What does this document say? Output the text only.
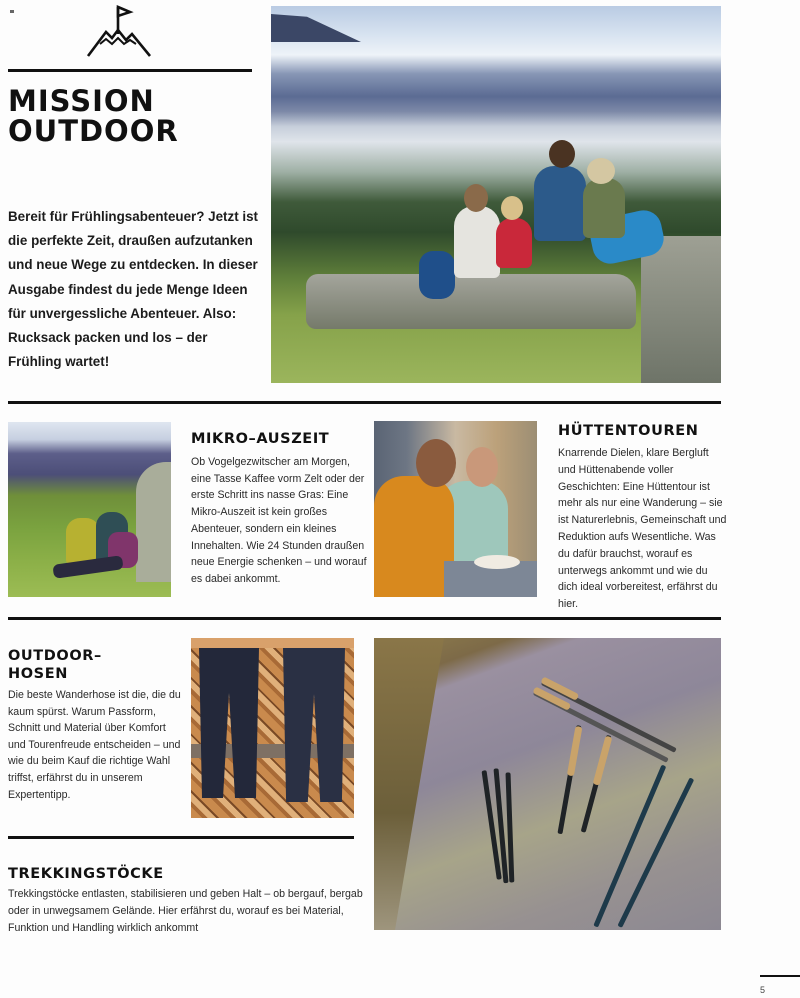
MISSION
OUTDOOR

Bereit für Frühlingsabenteuer? Jetzt ist die perfekte Zeit, draußen aufzutanken und neue Wege zu entdecken. In dieser Ausgabe findest du jede Menge Ideen für unvergessliche Abenteuer. Also: Rucksack packen und los – der Frühling wartet!

MIKRO–AUSZEIT

Ob Vogelgezwitscher am Morgen, eine Tasse Kaffee vorm Zelt oder der erste Schritt ins nasse Gras: Eine Mikro-Auszeit ist kein großes Abenteuer, sondern ein kleines Innehalten. Wie 24 Stunden draußen neue Energie schenken – und worauf es dabei ankommt.

HÜTTENTOUREN

Knarrende Dielen, klare Bergluft und Hüttenabende voller Geschichten: Eine Hüttentour ist mehr als nur eine Wanderung – sie ist Naturerlebnis, Gemeinschaft und Reduktion aufs Wesentliche. Was du dafür brauchst, worauf es unterwegs ankommt und wie du dich ideal vorbereitest, erfährst du hier.

OUTDOOR–
HOSEN

Die beste Wanderhose ist die, die du kaum spürst. Warum Passform, Schnitt und Material über Komfort und Tourenfreude entscheiden – und wie du beim Kauf die richtige Wahl triffst, erfährst du in unserem Expertentipp.

TREKKINGSTÖCKE

Trekkingstöcke entlasten, stabilisieren und geben Halt – ob bergauf, bergab oder in unwegsamem Gelände. Hier erfährst du, worauf es bei Material, Funktion und Handling wirklich ankommt

5
